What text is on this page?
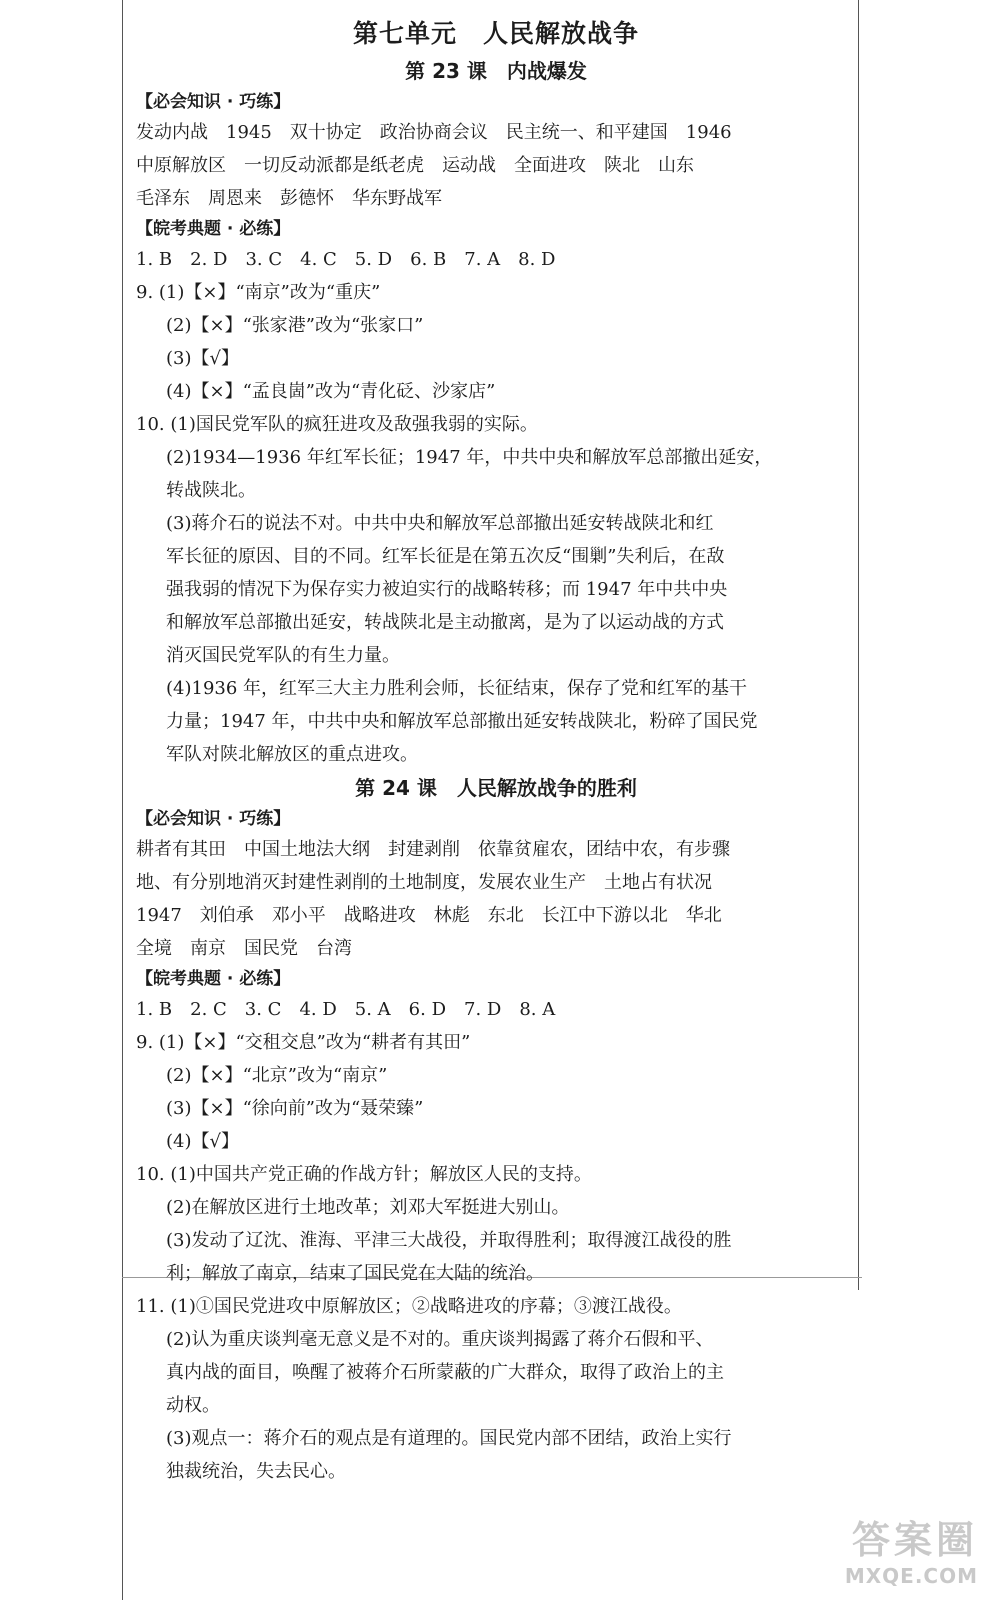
第七单元　人民解放战争
第 23 课　内战爆发
【必会知识 · 巧练】
发动内战　1945　双十协定　政治协商会议　民主统一、和平建国　1946
中原解放区　一切反动派都是纸老虎　运动战　全面进攻　陕北　山东
毛泽东　周恩来　彭德怀　华东野战军
【皖考典题 · 必练】
1. B　2. D　3. C　4. C　5. D　6. B　7. A　8. D
9. (1)【×】“南京”改为“重庆”
(2)【×】“张家港”改为“张家口”
(3)【√】
(4)【×】“孟良崮”改为“青化砭、沙家店”
10. (1)国民党军队的疯狂进攻及敌强我弱的实际。
(2)1934—1936 年红军长征；1947 年，中共中央和解放军总部撤出延安，
转战陕北。
(3)蒋介石的说法不对。中共中央和解放军总部撤出延安转战陕北和红
军长征的原因、目的不同。红军长征是在第五次反“围剿”失利后，在敌
强我弱的情况下为保存实力被迫实行的战略转移；而 1947 年中共中央
和解放军总部撤出延安，转战陕北是主动撤离，是为了以运动战的方式
消灭国民党军队的有生力量。
(4)1936 年，红军三大主力胜利会师，长征结束，保存了党和红军的基干
力量；1947 年，中共中央和解放军总部撤出延安转战陕北，粉碎了国民党
军队对陕北解放区的重点进攻。
第 24 课　人民解放战争的胜利
【必会知识 · 巧练】
耕者有其田　中国土地法大纲　封建剥削　依靠贫雇农，团结中农，有步骤
地、有分别地消灭封建性剥削的土地制度，发展农业生产　土地占有状况
1947　刘伯承　邓小平　战略进攻　林彪　东北　长江中下游以北　华北
全境　南京　国民党　台湾
【皖考典题 · 必练】
1. B　2. C　3. C　4. D　5. A　6. D　7. D　8. A
9. (1)【×】“交租交息”改为“耕者有其田”
(2)【×】“北京”改为“南京”
(3)【×】“徐向前”改为“聂荣臻”
(4)【√】
10. (1)中国共产党正确的作战方针；解放区人民的支持。
(2)在解放区进行土地改革；刘邓大军挺进大别山。
(3)发动了辽沈、淮海、平津三大战役，并取得胜利；取得渡江战役的胜
利；解放了南京，结束了国民党在大陆的统治。
11. (1)①国民党进攻中原解放区；②战略进攻的序幕；③渡江战役。
(2)认为重庆谈判毫无意义是不对的。重庆谈判揭露了蒋介石假和平、
真内战的面目，唤醒了被蒋介石所蒙蔽的广大群众，取得了政治上的主
动权。
(3)观点一：蒋介石的观点是有道理的。国民党内部不团结，政治上实行
独裁统治，失去民心。
答案圈
MXQE.COM
